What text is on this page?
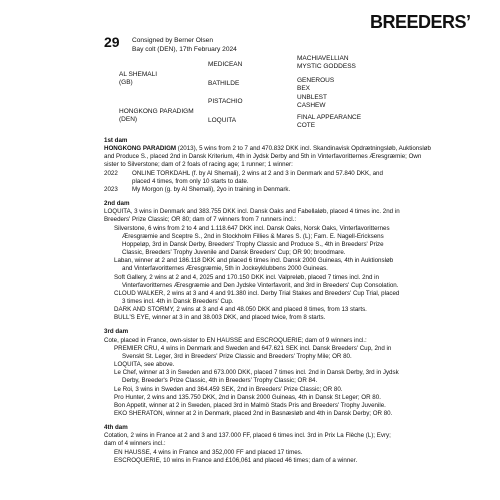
BREEDERS’
29 Consigned by Berner Olsen
Bay colt (DEN), 17th February 2024
AL SHEMALI
(GB)
MEDICEAN
BATHILDE
MACHIAVELLIAN
MYSTIC GODDESS
GENEROUS
BEX
HONGKONG PARADIGM
(DEN)
PISTACHIO
LOQUITA
UNBLEST
CASHEW
FINAL APPEARANCE
COTE

1st dam

HONGKONG PARADIGM (2013), 5 wins from 2 to 7 and 470.832 DKK incl. Skandinavisk Opdrætningsløb, Auktionsløb and Produce S., placed 2nd in Dansk Kriterium, 4th in Jydsk Derby and 5th in Vinterfavoritternes Æresgræmie; Own sister to Silverstone; dam of 2 foals of racing age; 1 runner; 1 winner:

2022 ONLINE TORKDAHL (f. by Al Shemali), 2 wins at 2 and 3 in Denmark and 57.840 DKK, and

placed 4 times, from only 10 starts to date.

2023 My Morgon (g. by Al Shemali), 2yo in training in Denmark.

2nd dam

LOQUITA, 3 wins in Denmark and 383.755 DKK incl. Dansk Oaks and Fabellaløb, placed 4 times inc. 2nd in

Breeders' Prize Classic; OR 80; dam of 7 winners from 7 runners incl.:

Silverstone, 6 wins from 2 to 4 and 1.118.647 DKK incl. Dansk Oaks, Norsk Oaks, Vinterfavoritternes

Æresgræmie and Sceptre S., 2nd in Stockholm Fillies & Mares S. (L); Fam. E. Nagell-Ericksens

Hoppeløp, 3rd in Dansk Derby, Breeders' Trophy Classic and Produce S., 4th in Breeders' Prize

Classic, Breeders' Trophy Juvenile and Dansk Breeders' Cup; OR 90; broodmare.

Laban, winner at 2 and 186.118 DKK and placed 6 times incl. Dansk 2000 Guineas, 4th in Auktionsløb

and Vinterfavoritternes Æresgræmie, 5th in Jockeyklubbens 2000 Guineas.

Soft Gallery, 2 wins at 2 and 4, 2025 and 170.150 DKK incl. Valpreløb, placed 7 times incl. 2nd in

Vinterfavoritternes Æresgræmie and Den Jydske Vinterfavorit, and 3rd in Breeders' Cup Consolation.

CLOUD WALKER, 2 wins at 3 and 4 and 91.380 incl. Derby Trial Stakes and Breeders' Cup Trial, placed

3 times incl. 4th in Dansk Breeders' Cup.

DARK AND STORMY, 2 wins at 3 and 4 and 48.050 DKK and placed 8 times, from 13 starts.

BULL'S EYE, winner at 3 in and 38.003 DKK, and placed twice, from 8 starts.

3rd dam

Cote, placed in France, own-sister to EN HAUSSE and ESCROQUERIE; dam of 9 winners incl.:

PREMIER CRU, 4 wins in Denmark and Sweden and 647.621 SEK incl. Dansk Breeders' Cup, 2nd in

Svenskt St. Leger, 3rd in Breeders' Prize Classic and Breeders' Trophy Mile; OR 80.

LOQUITA, see above.

Le Chef, winner at 3 in Sweden and 673.000 DKK, placed 7 times incl. 2nd in Dansk Derby, 3rd in Jydsk

Derby, Breeder's Prize Classic, 4th in Breeders' Trophy Classic; OR 84.

Le Roi, 3 wins in Sweden and 364.459 SEK, 2nd in Breeders' Prize Classic; OR 80.

Pro Hunter, 2 wins and 135.750 DKK, 2nd in Dansk 2000 Guineas, 4th in Dansk St Leger; OR 80.

Bon Appetit, winner at 2 in Sweden, placed 3rd in Malmö Stads Pris and Breeders' Trophy Juvenile.

EKO SHERATON, winner at 2 in Denmark, placed 2nd in Basnæsløb and 4th in Dansk Derby; OR 80.

4th dam

Cotation, 2 wins in France at 2 and 3 and 137.000 FF, placed 6 times incl. 3rd in Prix La Flèche (L); Evry;

dam of 4 winners incl.:

EN HAUSSE, 4 wins in France and 352,000 FF and placed 17 times.

ESCROQUERIE, 10 wins in France and £106,061 and placed 46 times; dam of a winner.
